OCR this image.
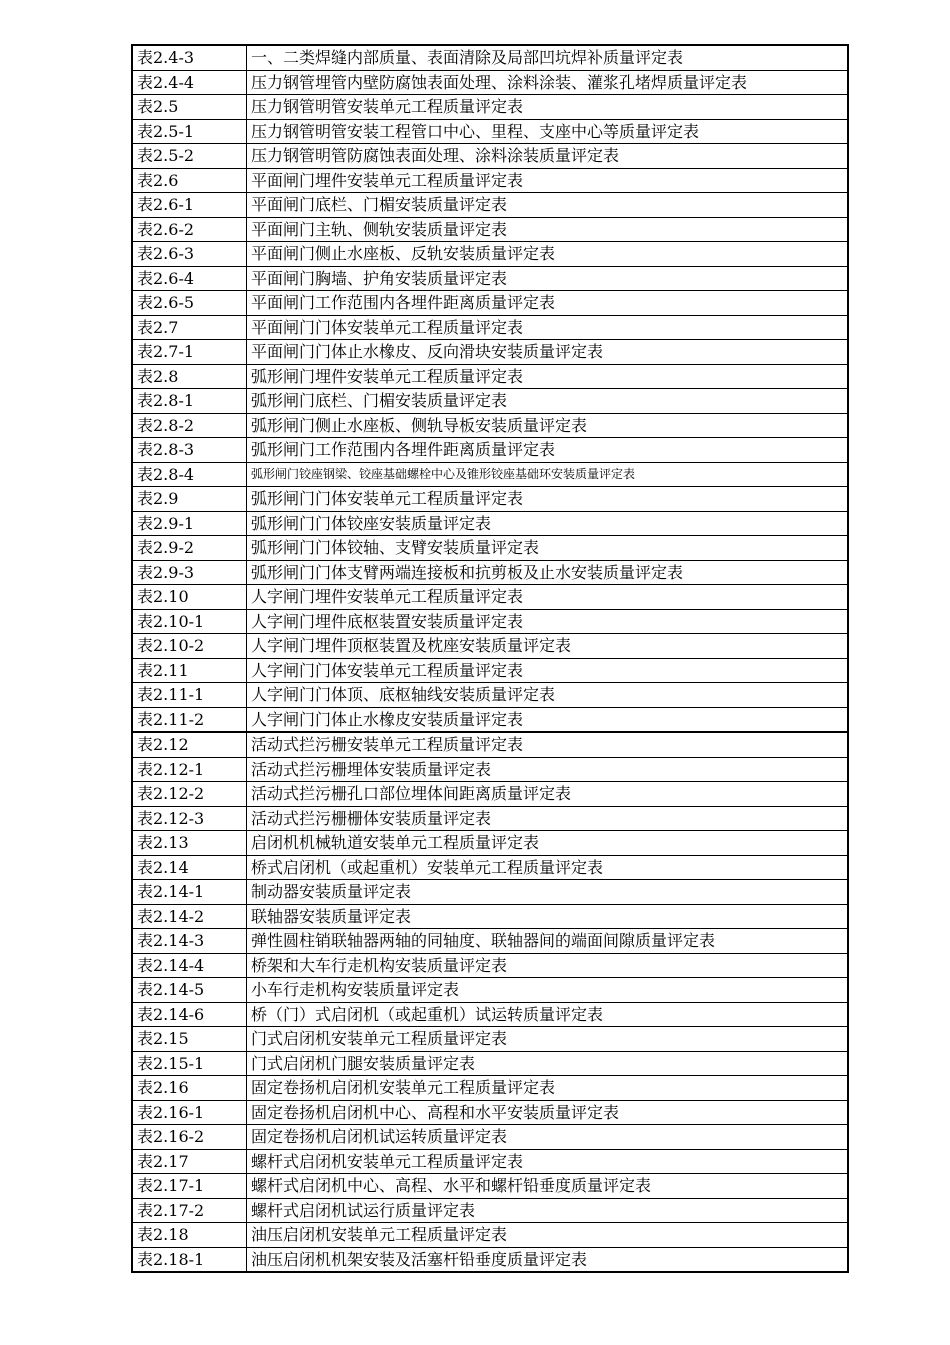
表2.4-3	一、二类焊缝内部质量、表面清除及局部凹坑焊补质量评定表
表2.4-4	压力钢管埋管内壁防腐蚀表面处理、涂料涂装、灌浆孔堵焊质量评定表
表2.5	压力钢管明管安装单元工程质量评定表
表2.5-1	压力钢管明管安装工程管口中心、里程、支座中心等质量评定表
表2.5-2	压力钢管明管防腐蚀表面处理、涂料涂装质量评定表
表2.6	平面闸门埋件安装单元工程质量评定表
表2.6-1	平面闸门底栏、门楣安装质量评定表
表2.6-2	平面闸门主轨、侧轨安装质量评定表
表2.6-3	平面闸门侧止水座板、反轨安装质量评定表
表2.6-4	平面闸门胸墙、护角安装质量评定表
表2.6-5	平面闸门工作范围内各埋件距离质量评定表
表2.7	平面闸门门体安装单元工程质量评定表
表2.7-1	平面闸门门体止水橡皮、反向滑块安装质量评定表
表2.8	弧形闸门埋件安装单元工程质量评定表
表2.8-1	弧形闸门底栏、门楣安装质量评定表
表2.8-2	弧形闸门侧止水座板、侧轨导板安装质量评定表
表2.8-3	弧形闸门工作范围内各埋件距离质量评定表
表2.8-4	弧形闸门铰座钢梁、铰座基础螺栓中心及锥形铰座基础环安装质量评定表
表2.9	弧形闸门门体安装单元工程质量评定表
表2.9-1	弧形闸门门体铰座安装质量评定表
表2.9-2	弧形闸门门体铰轴、支臂安装质量评定表
表2.9-3	弧形闸门门体支臂两端连接板和抗剪板及止水安装质量评定表
表2.10	人字闸门埋件安装单元工程质量评定表
表2.10-1	人字闸门埋件底枢装置安装质量评定表
表2.10-2	人字闸门埋件顶枢装置及枕座安装质量评定表
表2.11	人字闸门门体安装单元工程质量评定表
表2.11-1	人字闸门门体顶、底枢轴线安装质量评定表
表2.11-2	人字闸门门体止水橡皮安装质量评定表
表2.12	活动式拦污栅安装单元工程质量评定表
表2.12-1	活动式拦污栅埋体安装质量评定表
表2.12-2	活动式拦污栅孔口部位埋体间距离质量评定表
表2.12-3	活动式拦污栅栅体安装质量评定表
表2.13	启闭机机械轨道安装单元工程质量评定表
表2.14	桥式启闭机（或起重机）安装单元工程质量评定表
表2.14-1	制动器安装质量评定表
表2.14-2	联轴器安装质量评定表
表2.14-3	弹性圆柱销联轴器两轴的同轴度、联轴器间的端面间隙质量评定表
表2.14-4	桥架和大车行走机构安装质量评定表
表2.14-5	小车行走机构安装质量评定表
表2.14-6	桥（门）式启闭机（或起重机）试运转质量评定表
表2.15	门式启闭机安装单元工程质量评定表
表2.15-1	门式启闭机门腿安装质量评定表
表2.16	固定卷扬机启闭机安装单元工程质量评定表
表2.16-1	固定卷扬机启闭机中心、高程和水平安装质量评定表
表2.16-2	固定卷扬机启闭机试运转质量评定表
表2.17	螺杆式启闭机安装单元工程质量评定表
表2.17-1	螺杆式启闭机中心、高程、水平和螺杆铅垂度质量评定表
表2.17-2	螺杆式启闭机试运行质量评定表
表2.18	油压启闭机安装单元工程质量评定表
表2.18-1	油压启闭机机架安装及活塞杆铅垂度质量评定表
